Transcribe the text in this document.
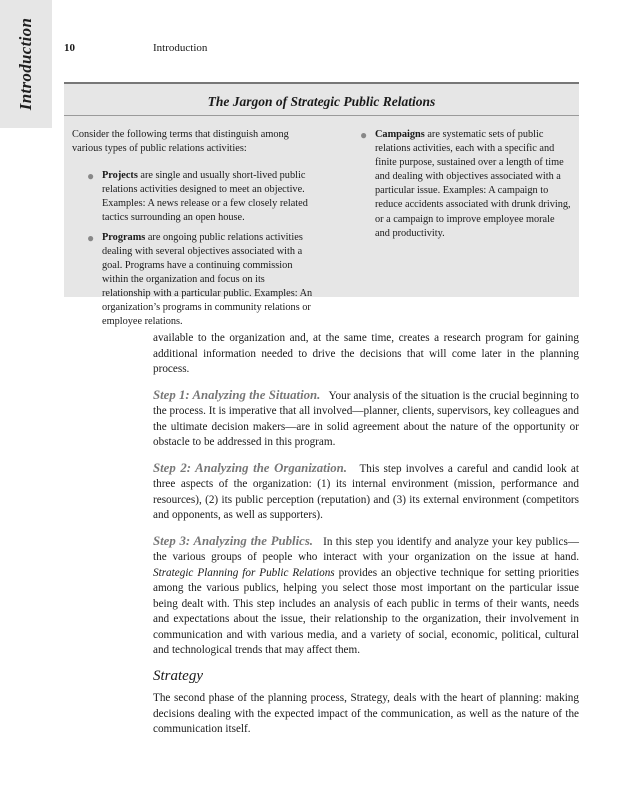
Introduction	10	Introduction
The Jargon of Strategic Public Relations

Consider the following terms that distinguish among various types of public relations activities:

● Projects are single and usually short-lived public relations activities designed to meet an objective. Examples: A news release or a few closely related tactics surrounding an open house.

● Programs are ongoing public relations activities dealing with several objectives associated with a goal. Programs have a continuing commission within the organization and focus on its relationship with a particular public. Examples: An organization’s programs in community relations or employee relations.

● Campaigns are systematic sets of public relations activities, each with a specific and finite purpose, sustained over a length of time and dealing with objectives associated with a particular issue. Examples: A campaign to reduce accidents associated with drunk driving, or a campaign to improve employee morale and productivity.

available to the organization and, at the same time, creates a research program for gaining additional information needed to drive the decisions that will come later in the planning process.

Step 1: Analyzing the Situation. Your analysis of the situation is the crucial beginning to the process. It is imperative that all involved—planner, clients, supervisors, key colleagues and the ultimate decision makers—are in solid agreement about the nature of the opportunity or obstacle to be addressed in this program.

Step 2: Analyzing the Organization. This step involves a careful and candid look at three aspects of the organization: (1) its internal environment (mission, performance and resources), (2) its public perception (reputation) and (3) its external environment (competitors and opponents, as well as supporters).

Step 3: Analyzing the Publics. In this step you identify and analyze your key publics—the various groups of people who interact with your organization on the issue at hand. Strategic Planning for Public Relations provides an objective technique for setting priorities among the various publics, helping you select those most important on the particular issue being dealt with. This step includes an analysis of each public in terms of their wants, needs and expectations about the issue, their relationship to the organization, their involvement in communication and with various media, and a variety of social, economic, political, cultural and technological trends that may affect them.

Strategy

The second phase of the planning process, Strategy, deals with the heart of planning: making decisions dealing with the expected impact of the communication, as well as the nature of the communication itself.
